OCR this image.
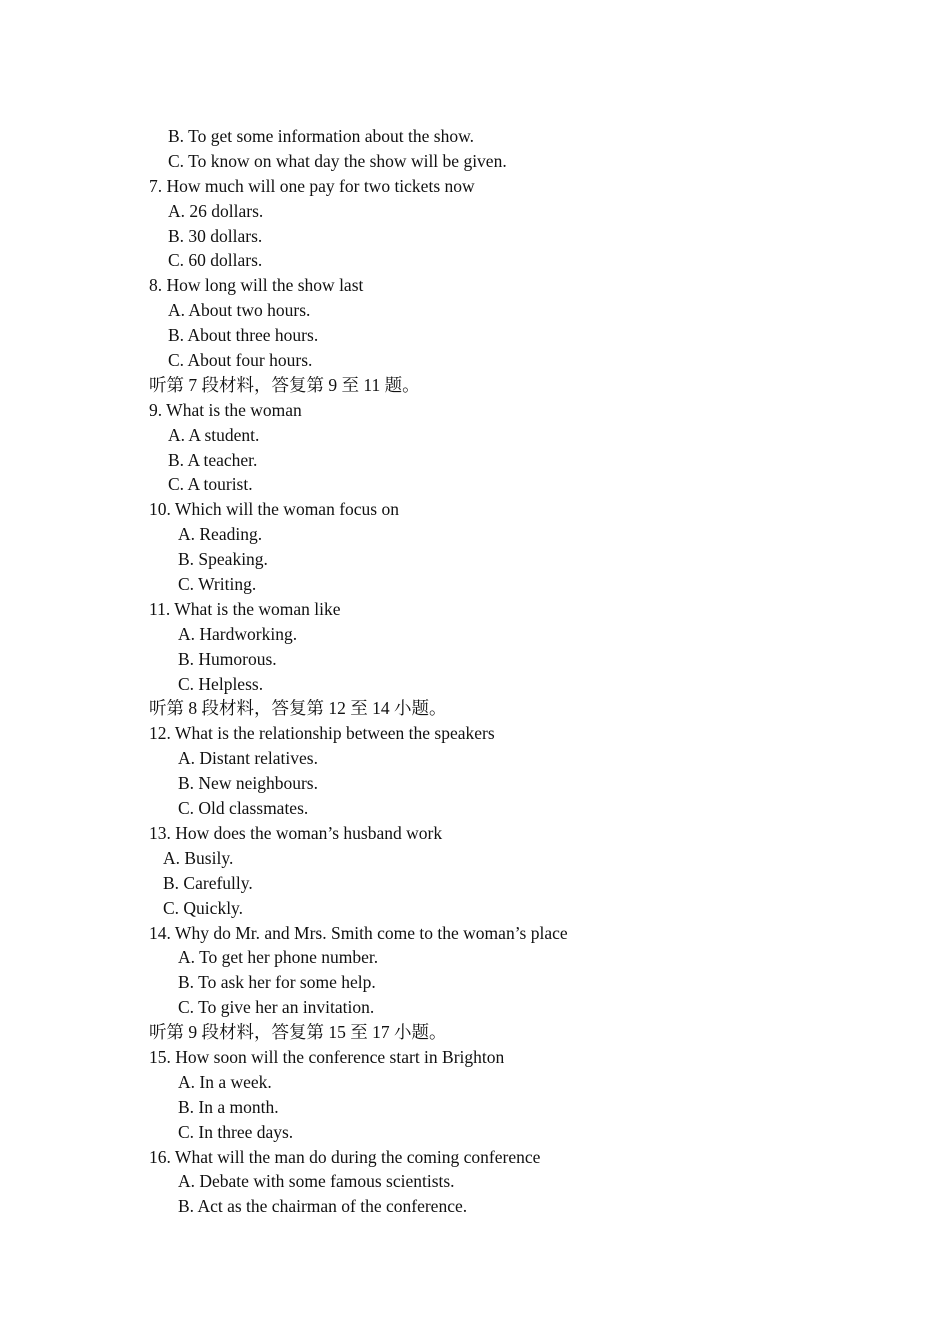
B. To get some information about the show.
C. To know on what day the show will be given.
7. How much will one pay for two tickets now
A. 26 dollars.
B. 30 dollars.
C. 60 dollars.
8. How long will the show last
A. About two hours.
B. About three hours.
C. About four hours.
听第 7 段材料，答复第 9 至 11 题。
9. What is the woman
A. A student.
B. A teacher.
C. A tourist.
10. Which will the woman focus on
A. Reading.
B. Speaking.
C. Writing.
11. What is the woman like
A. Hardworking.
B. Humorous.
C. Helpless.
听第 8 段材料，答复第 12 至 14 小题。
12. What is the relationship between the speakers
A. Distant relatives.
B. New neighbours.
C. Old classmates.
13. How does the woman’s husband work
A. Busily.
B. Carefully.
C. Quickly.
14. Why do Mr. and Mrs. Smith come to the woman’s place
A. To get her phone number.
B. To ask her for some help.
C. To give her an invitation.
听第 9 段材料，答复第 15 至 17 小题。
15. How soon will the conference start in Brighton
A. In a week.
B. In a month.
C. In three days.
16. What will the man do during the coming conference
A. Debate with some famous scientists.
B. Act as the chairman of the conference.
